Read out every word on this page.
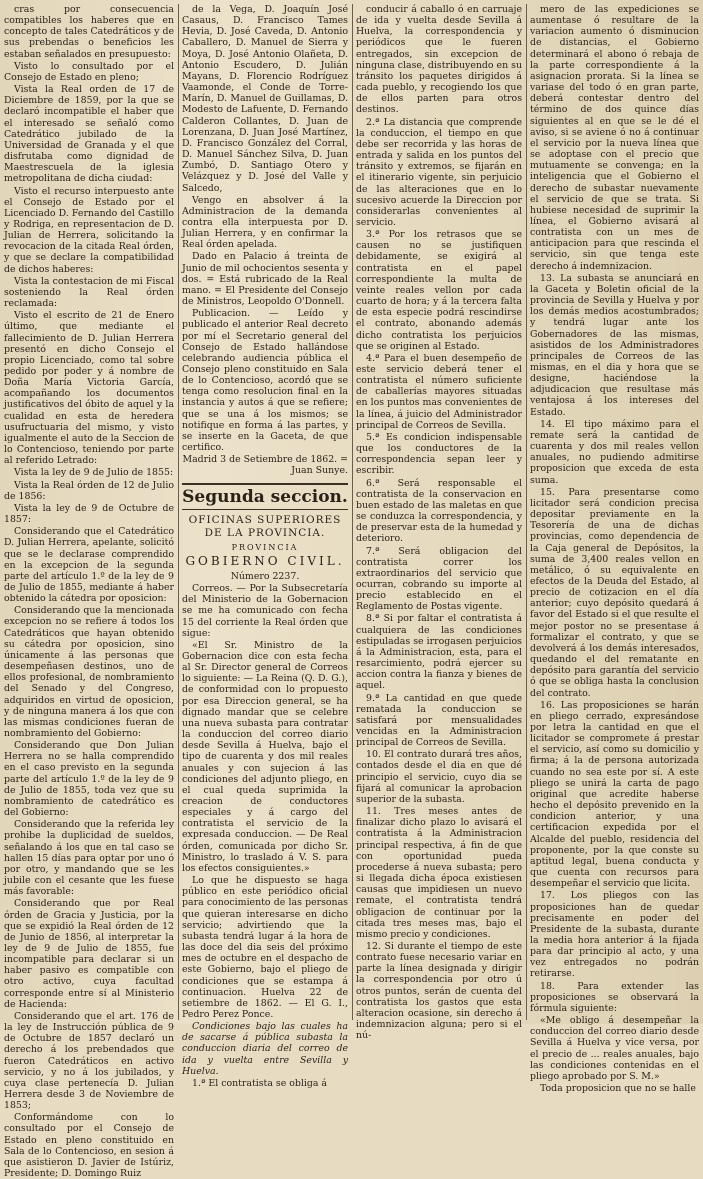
cras por consecuencia compatibles los haberes que en concepto de tales Catedráticos y de sus prebendas o beneficios les estaban señalados en presupuesto:

Visto lo consultado por el Consejo de Estado en pleno;

Vista la Real orden de 17 de Diciembre de 1859, por la que se declaró incompatible el haber que el interesado se señaló como Catedrático jubilado de la Universidad de Granada y el que disfrutaba como dignidad de Maestrescuela de la iglesia metropolitana de dicha ciudad:

Visto el recurso interpuesto ante el Consejo de Estado por el Licenciado D. Fernando del Castillo y Rodriga, en representacion de D. Julian de Herrera, solicitando la revocacion de la citada Real órden, y que se declare la compatibilidad de dichos haberes:

Vista la contestacion de mi Fiscal sosteniendo la Real órden reclamada:

Visto el escrito de 21 de Enero último, que mediante el fallecimiento de D. Julian Herrera presentó en dicho Consejo el propio Licenciado, como tal sobre pedido por poder y á nombre de Doña María Victoria García, acompañando los documentos justificativos del óbito de aquel y la cualidad en esta de heredera usufructuaria del mismo, y visto igualmente el auto de la Seccion de lo Contencioso, teniendo por parte al referido Letrado:

Vista la ley de 9 de Julio de 1855:

Vista la Real órden de 12 de Julio de 1856:

Vista la ley de 9 de Octubre de 1857:

Considerando que el Catedrático D. Julian Herrera, apelante, solicitó que se le declarase comprendido en la excepcion de la segunda parte del artículo 1.º de la ley de 9 de Julio de 1855, mediante á haber obtenido la cátedra por oposicion:

Considerando que la mencionada excepcion no se refiere á todos los Catedráticos que hayan obtenido su cátedra por oposicion, sino únicamente á las personas que desempeñasen destinos, uno de ellos profesional, de nombramiento del Senado y del Congreso, adquiridos en virtud de oposicion, y de ninguna manera á los que con las mismas condiciones fueran de nombramiento del Gobierno:

Considerando que Don Julian Herrera no se halla comprendido en el caso previsto en la segunda parte del artículo 1.º de la ley de 9 de Julio de 1855, toda vez que su nombramiento de catedrático es del Gobierno:

Considerando que la referida ley prohibe la duplicidad de sueldos, señalando á los que en tal caso se hallen 15 días para optar por uno ó por otro, y mandando que se les jubile con el cesante que les fuese más favorable:

Considerando que por Real órden de Gracia y Justicia, por la que se expidió la Real órden de 12 de Junio de 1856, al interpretar la ley de 9 de Julio de 1855, fue incompatible para declarar si un haber pasivo es compatible con otro activo, cuya facultad corresponde entre sí al Ministerio de Hacienda:

Considerando que el art. 176 de la ley de Instrucción pública de 9 de Octubre de 1857 declaró un derecho á los prebendados que fueron Catedráticos en activo servicio, y no á los jubilados, y cuya clase pertenecía D. Julian Herrera desde 3 de Noviembre de 1853;

Conformándome con lo consultado por el Consejo de Estado en pleno constituido en Sala de lo Contencioso, en sesion á que asistieron D. Javier de Istúriz, Presidente; D. Domingo Ruiz

de la Vega, D. Joaquín José Casaus, D. Francisco Tames Hevia, D. José Caveda, D. Antonio Caballero, D. Manuel de Sierra y Moya, D. José Antonio Olañeta, D. Antonio Escudero, D. Julián Mayans, D. Florencio Rodríguez Vaamonde, el Conde de Torre-Marín, D. Manuel de Guillamas, D. Modesto de Lafuente, D. Fernando Calderon Collantes, D. Juan de Lorenzana, D. Juan José Martínez, D. Francisco González del Corral, D. Manuel Sánchez Silva, D. Juan Zumbó, D. Santiago Otero y Velázquez y D. José del Valle y Salcedo,

Vengo en absolver á la Administracion de la demanda contra ella interpuesta por D. Julian Herrera, y en confirmar la Real órden apelada.

Dado en Palacio á treinta de Junio de mil ochocientos sesenta y dos. = Está rubricado de la Real mano. = El Presidente del Consejo de Ministros, Leopoldo O'Donnell.

Publicacion. — Leído y publicado el anterior Real decreto por mí el Secretario general del Consejo de Estado hallándose celebrando audiencia pública el Consejo pleno constituido en Sala de lo Contencioso, acordó que se tenga como resolucion final en la instancia y autos á que se refiere; que se una á los mismos; se notifique en forma á las partes, y se inserte en la Gaceta, de que certifico.

Madrid 3 de Setiembre de 1862. = Juan Sunye.

Segunda seccion.
OFICINAS SUPERIORES DE LA PROVINCIA.
PROVINCIA
GOBIERNO CIVIL.

Número 2237.

Correos. — Por la Subsecretaría del Ministerio de la Gobernacion se me ha comunicado con fecha 15 del corriente la Real órden que sigue:

«El Sr. Ministro de la Gobernacion dice con esta fecha al Sr. Director general de Correos lo siguiente: — La Reina (Q. D. G.), de conformidad con lo propuesto por esa Direccion general, se ha dignado mandar que se celebre una nueva subasta para contratar la conduccion del correo diario desde Sevilla á Huelva, bajo el tipo de cuarenta y dos mil reales anuales y con sujecion á las condiciones del adjunto pliego, en el cual queda suprimida la creacion de conductores especiales y á cargo del contratista el servicio de la expresada conduccion. — De Real órden, comunicada por dicho Sr. Ministro, lo traslado á V. S. para los efectos consiguientes.»

Lo que he dispuesto se haga público en este periódico oficial para conocimiento de las personas que quieran interesarse en dicho servicio; advirtiendo que la subasta tendrá lugar á la hora de las doce del dia seis del próximo mes de octubre en el despacho de este Gobierno, bajo el pliego de condiciones que se estampa á continuacion. Huelva 22 de setiembre de 1862. — El G. I., Pedro Perez Ponce.

Condiciones bajo las cuales ha de sacarse á pública subasta la conduccion diaria del correo de ida y vuelta entre Sevilla y Huelva.

1.ª El contratista se obliga á

conducir á caballo ó en carruaje de ida y vuelta desde Sevilla á Huelva, la correspondencia y periódicos que le fueren entregados, sin excepcion de ninguna clase, distribuyendo en su tránsito los paquetes dirigidos á cada pueblo, y recogiendo los que de ellos parten para otros destinos.

2.ª La distancia que comprende la conduccion, el tiempo en que debe ser recorrida y las horas de entrada y salida en los puntos del tránsito y extremos, se fijarán en el itinerario vigente, sin perjuicio de las alteraciones que en lo sucesivo acuerde la Direccion por considerarlas convenientes al servicio.

3.ª Por los retrasos que se causen no se justifiquen debidamente, se exigirá al contratista en el papel correspondiente la multa de veinte reales vellon por cada cuarto de hora; y á la tercera falta de esta especie podrá rescindirse el contrato, abonando además dicho contratista los perjuicios que se originen al Estado.

4.ª Para el buen desempeño de este servicio deberá tener el contratista el número suficiente de caballerías mayores situadas en los puntos mas convenientes de la línea, á juicio del Administrador principal de Correos de Sevilla.

5.ª Es condicion indispensable que los conductores de la correspondencia sepan leer y escribir.

6.ª Será responsable el contratista de la conservacion en buen estado de las maletas en que se conduzca la correspondencia, y de preservar esta de la humedad y deterioro.

7.ª Será obligacion del contratista correr los extraordinarios del servicio que ocurran, cobrando su importe al precio establecido en el Reglamento de Postas vigente.

8.ª Si por faltar el contratista á cualquiera de las condiciones estipuladas se irrogasen perjuicios á la Administracion, esta, para el resarcimiento, podrá ejercer su accion contra la fianza y bienes de aquel.

9.ª La cantidad en que quede rematada la conduccion se satisfará por mensualidades vencidas en la Administracion principal de Correos de Sevilla.

10. El contrato durará tres años, contados desde el dia en que dé principio el servicio, cuyo dia se fijará al comunicar la aprobacion superior de la subasta.

11. Tres meses antes de finalizar dicho plazo lo avisará el contratista á la Administracion principal respectiva, á fin de que con oportunidad pueda procederse á nueva subasta; pero si llegada dicha época existiesen causas que impidiesen un nuevo remate, el contratista tendrá obligacion de continuar por la citada tres meses mas, bajo el mismo precio y condiciones.

12. Si durante el tiempo de este contrato fuese necesario variar en parte la línea designada y dirigir la correspondencia por otro ú otros puntos, serán de cuenta del contratista los gastos que esta alteracion ocasione, sin derecho á indemnizacion alguna; pero si el nú-

mero de las expediciones se aumentase ó resultare de la variacion aumento ó disminucion de distancias, el Gobierno determinará el abono ó rebaja de la parte correspondiente á la asignacion prorata. Si la línea se variase del todo ó en gran parte, deberá contestar dentro del término de dos quince días siguientes al en que se le dé el aviso, si se aviene ó no á continuar el servicio por la nueva línea que se adoptase con el precio que mutuamente se convenga; en la inteligencia que el Gobierno el derecho de subastar nuevamente el servicio de que se trata. Si hubiese necesidad de suprimir la línea, el Gobierno avisará al contratista con un mes de anticipacion para que rescinda el servicio, sin que tenga este derecho á indemnizacion.

13. La subasta se anunciará en la Gaceta y Boletin oficial de la provincia de Sevilla y Huelva y por los demás medios acostumbrados; y tendrá lugar ante los Gobernadores de las mismas, asistidos de los Administradores principales de Correos de las mismas, en el dia y hora que se designe, haciéndose la adjudicacion que resultase más ventajosa á los intereses del Estado.

14. El tipo máximo para el remate será la cantidad de cuarenta y dos mil reales vellon anuales, no pudiendo admitirse proposicion que exceda de esta suma.

15. Para presentarse como licitador será condicion precisa depositar previamente en la Tesorería de una de dichas provincias, como dependencia de la Caja general de Depósitos, la suma de 3,400 reales vellon en metálico, ó su equivalente en efectos de la Deuda del Estado, al precio de cotizacion en el día anterior; cuyo depósito quedará á favor del Estado si el que resulte el mejor postor no se presentase á formalizar el contrato, y que se devolverá á los demás interesados, quedando el del rematante en depósito para garantía del servicio ó que se obliga hasta la conclusion del contrato.

16. Las proposiciones se harán en pliego cerrado, expresándose por letra la cantidad en que el licitador se compromete á prestar el servicio, así como su domicilio y firma; á la de persona autorizada cuando no sea este por sí. A este pliego se unirá la carta de pago original que acredite haberse hecho el depósito prevenido en la condicion anterior, y una certificacion expedida por el Alcalde del pueblo, residencia del proponente, por la que conste su aptitud legal, buena conducta y que cuenta con recursos para desempeñar el servicio que licita.

17. Los pliegos con las proposiciones han de quedar precisamente en poder del Presidente de la subasta, durante la media hora anterior á la fijada para dar principio al acto, y una vez entregados no podrán retirarse.

18. Para extender las proposiciones se observará la fórmula siguiente:

«Me obligo á desempeñar la conduccion del correo diario desde Sevilla á Huelva y vice versa, por el precio de ... reales anuales, bajo las condiciones contenidas en el pliego aprobado por S. M.»

Toda proposicion que no se halle
